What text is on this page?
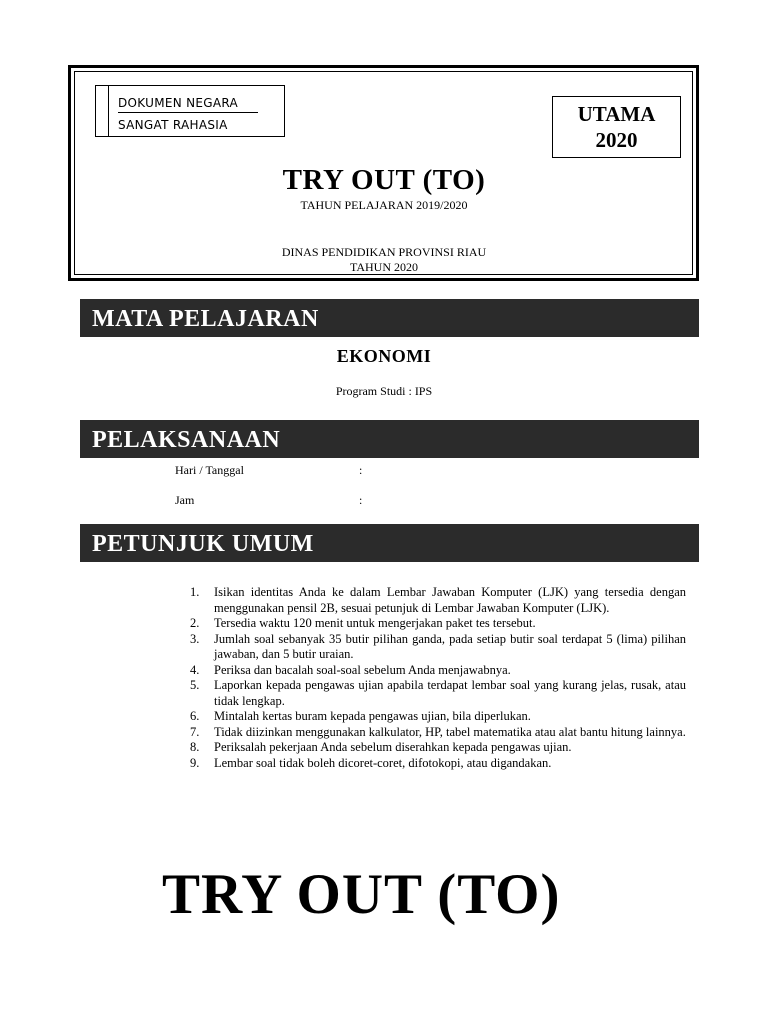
DOKUMEN NEGARA
SANGAT RAHASIA	UTAMA
2020
TRY OUT (TO)
TAHUN PELAJARAN 2019/2020
DINAS PENDIDIKAN PROVINSI RIAU
TAHUN 2020
MATA PELAJARAN
EKONOMI
Program Studi : IPS
PELAKSANAAN
Hari / Tanggal	:
Jam	:
PETUNJUK UMUM
1. Isikan identitas Anda ke dalam Lembar Jawaban Komputer (LJK) yang tersedia dengan menggunakan pensil 2B, sesuai petunjuk di Lembar Jawaban Komputer (LJK).
2. Tersedia waktu 120 menit untuk mengerjakan paket tes tersebut.
3. Jumlah soal sebanyak 35 butir pilihan ganda, pada setiap butir soal terdapat 5 (lima) pilihan jawaban, dan 5 butir uraian.
4. Periksa dan bacalah soal-soal sebelum Anda menjawabnya.
5. Laporkan kepada pengawas ujian apabila terdapat lembar soal yang kurang jelas, rusak, atau tidak lengkap.
6. Mintalah kertas buram kepada pengawas ujian, bila diperlukan.
7. Tidak diizinkan menggunakan kalkulator, HP, tabel matematika atau alat bantu hitung lainnya.
8. Periksalah pekerjaan Anda sebelum diserahkan kepada pengawas ujian.
9. Lembar soal tidak boleh dicoret-coret, difotokopi, atau digandakan.
TRY OUT (TO)
